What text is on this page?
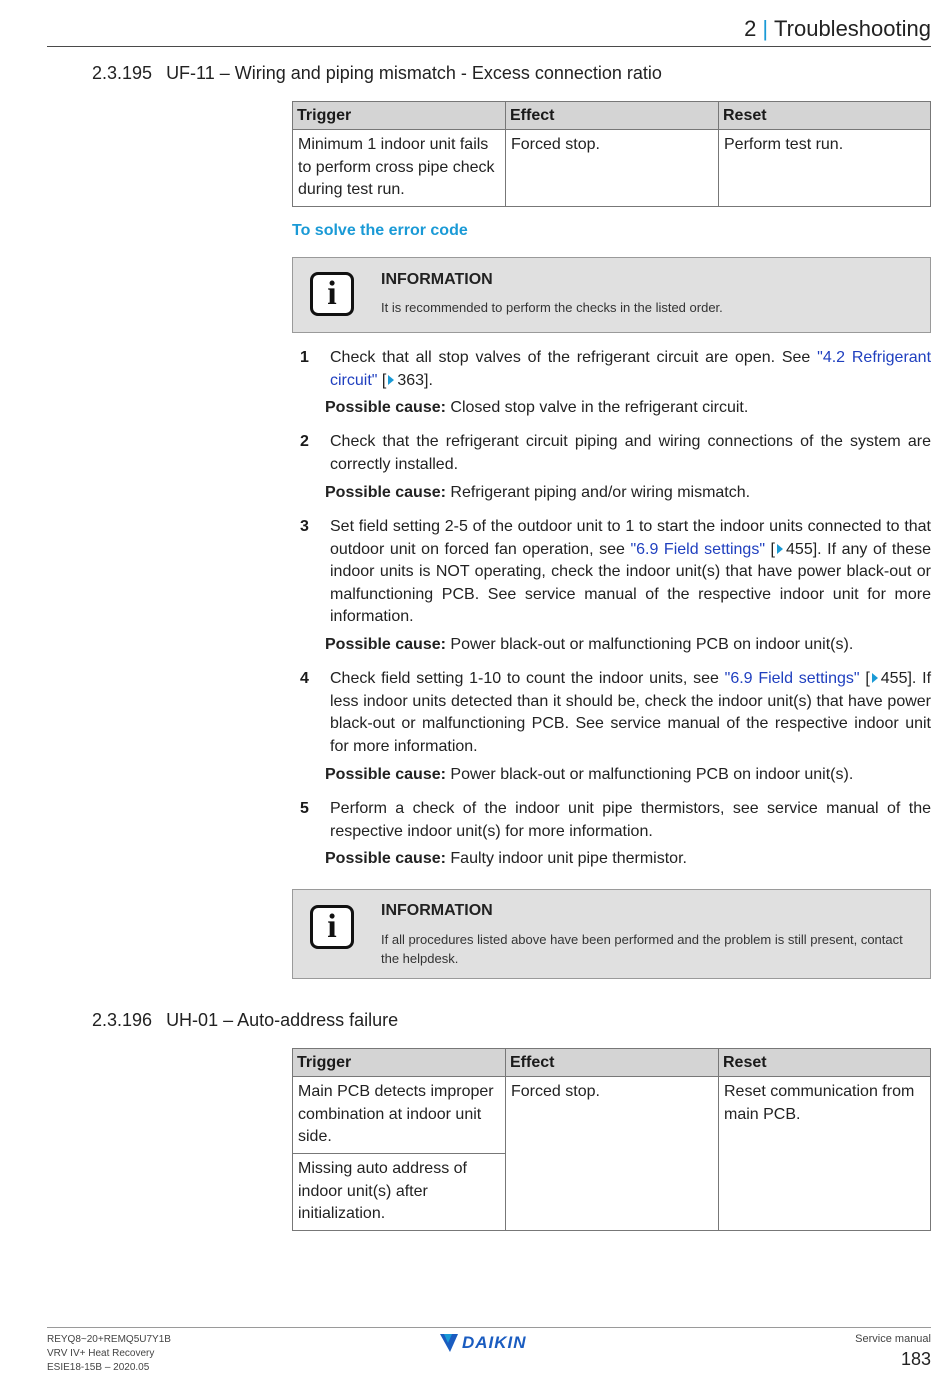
2 | Troubleshooting
2.3.195 UF-11 – Wiring and piping mismatch - Excess connection ratio
Trigger	Effect	Reset
Minimum 1 indoor unit fails to perform cross pipe check during test run.	Forced stop.	Perform test run.
To solve the error code
i	INFORMATION
It is recommended to perform the checks in the listed order.
1 Check that all stop valves of the refrigerant circuit are open. See "4.2 Refrigerant circuit" [ 363].
Possible cause: Closed stop valve in the refrigerant circuit.
2 Check that the refrigerant circuit piping and wiring connections of the system are correctly installed.
Possible cause: Refrigerant piping and/or wiring mismatch.
3 Set field setting 2-5 of the outdoor unit to 1 to start the indoor units connected to that outdoor unit on forced fan operation, see "6.9 Field settings" [ 455]. If any of these indoor units is NOT operating, check the indoor unit(s) that have power black-out or malfunctioning PCB. See service manual of the respective indoor unit for more information.
Possible cause: Power black-out or malfunctioning PCB on indoor unit(s).
4 Check field setting 1-10 to count the indoor units, see "6.9 Field settings" [ 455]. If less indoor units detected than it should be, check the indoor unit(s) that have power black-out or malfunctioning PCB. See service manual of the respective indoor unit for more information.
Possible cause: Power black-out or malfunctioning PCB on indoor unit(s).
5 Perform a check of the indoor unit pipe thermistors, see service manual of the respective indoor unit(s) for more information.
Possible cause: Faulty indoor unit pipe thermistor.
i	INFORMATION
If all procedures listed above have been performed and the problem is still present, contact the helpdesk.
2.3.196 UH-01 – Auto-address failure
Trigger	Effect	Reset
Main PCB detects improper combination at indoor unit side.	Forced stop.	Reset communication from main PCB.
Missing auto address of indoor unit(s) after initialization.		
REYQ8~20+REMQ5U7Y1B
VRV IV+ Heat Recovery
ESIE18-15B – 2020.05
DAIKIN	Service manual
183
